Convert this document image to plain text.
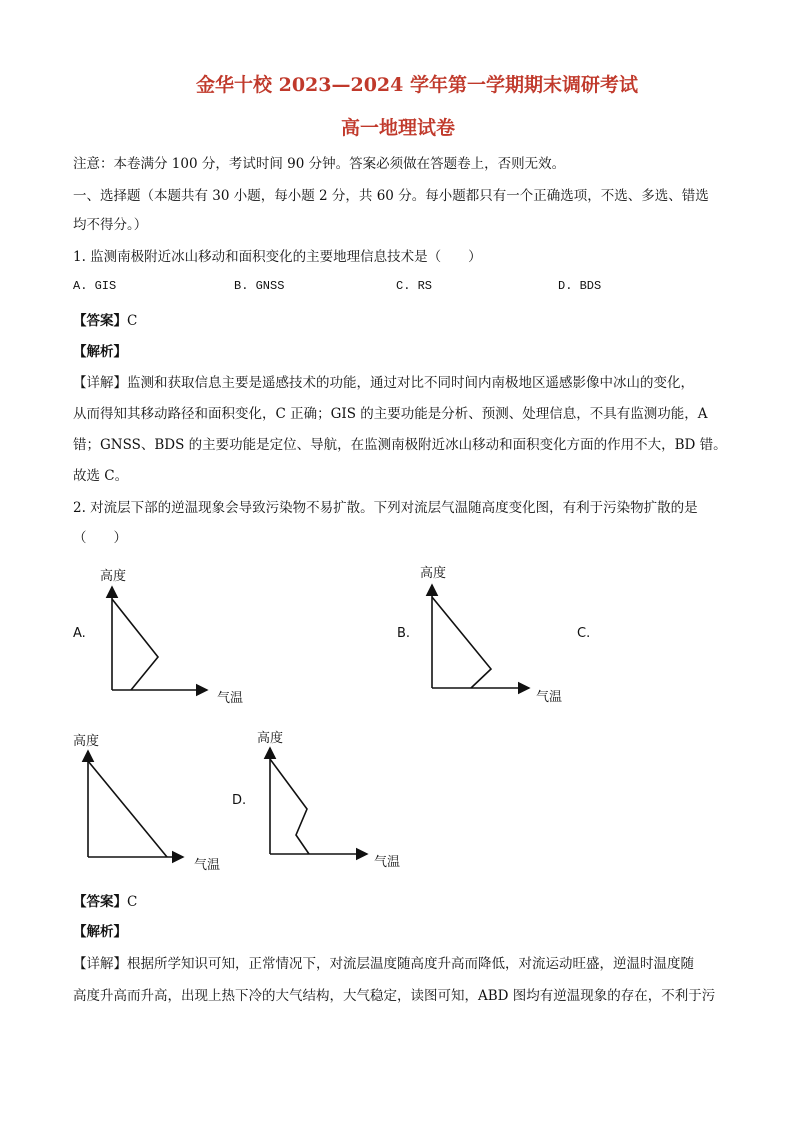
金华十校 2023—2024 学年第一学期期末调研考试
高一地理试卷
注意：本卷满分 100 分，考试时间 90 分钟。答案必须做在答题卷上，否则无效。
一、选择题（本题共有 30 小题，每小题 2 分，共 60 分。每小题都只有一个正确选项，不选、多选、错选
均不得分。）
1. 监测南极附近冰山移动和面积变化的主要地理信息技术是（　　）
A. GIS	B. GNSS	C. RS	D. BDS
【答案】C
【解析】
【详解】监测和获取信息主要是遥感技术的功能，通过对比不同时间内南极地区遥感影像中冰山的变化，
从而得知其移动路径和面积变化，C 正确；GIS 的主要功能是分析、预测、处理信息，不具有监测功能，A
错；GNSS、BDS 的主要功能是定位、导航，在监测南极附近冰山移动和面积变化方面的作用不大，BD 错。
故选 C。
2. 对流层下部的逆温现象会导致污染物不易扩散。下列对流层气温随高度变化图，有利于污染物扩散的是
（　　）
A.
高度
气温
B.
高度
气温
C.
高度
气温
D.
高度
气温
【答案】C
【解析】
【详解】根据所学知识可知，正常情况下，对流层温度随高度升高而降低，对流运动旺盛，逆温时温度随
高度升高而升高，出现上热下冷的大气结构，大气稳定，读图可知，ABD 图均有逆温现象的存在，不利于污
